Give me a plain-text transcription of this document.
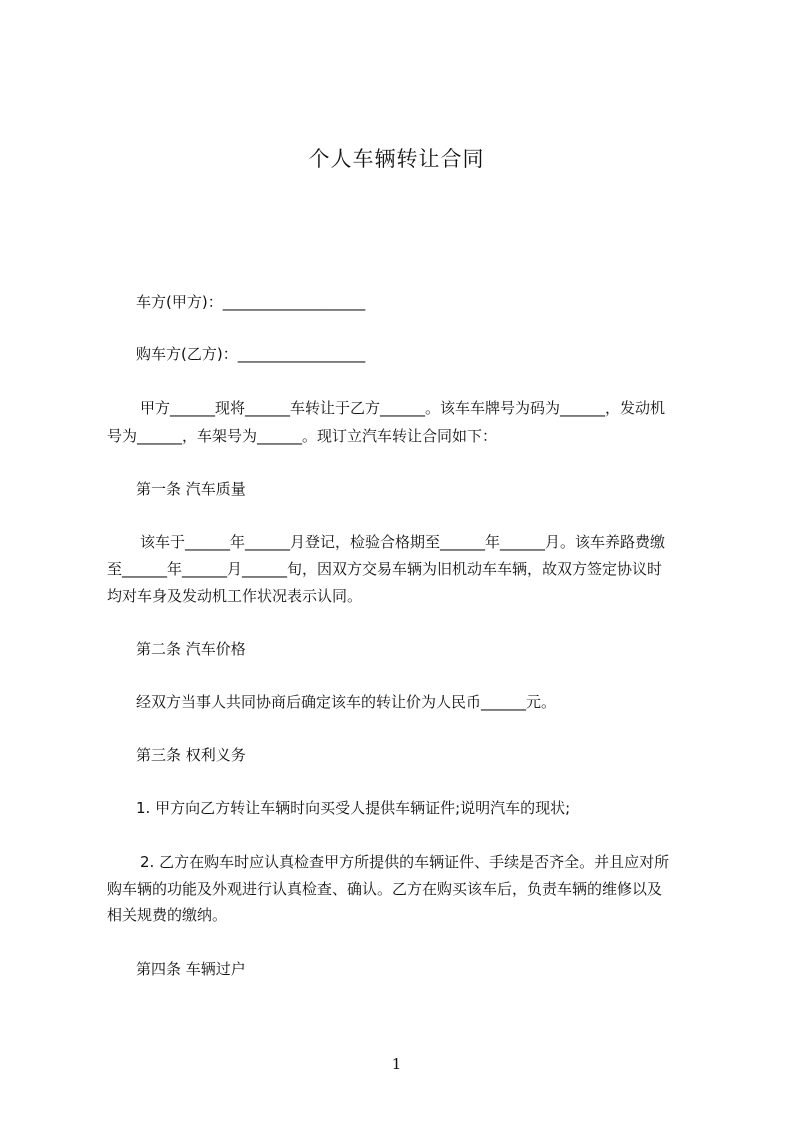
个人车辆转让合同
车方(甲方)：___________________
购车方(乙方)：_________________
甲方______现将______车转让于乙方______。该车车牌号为码为______，发动机
号为______，车架号为______。现订立汽车转让合同如下：
第一条 汽车质量
该车于______年______月登记，检验合格期至______年______月。该车养路费缴
至______年______月______旬，因双方交易车辆为旧机动车车辆，故双方签定协议时
均对车身及发动机工作状况表示认同。
第二条 汽车价格
经双方当事人共同协商后确定该车的转让价为人民币______元。
第三条 权利义务
1. 甲方向乙方转让车辆时向买受人提供车辆证件;说明汽车的现状;
2. 乙方在购车时应认真检查甲方所提供的车辆证件、手续是否齐全。并且应对所
购车辆的功能及外观进行认真检查、确认。乙方在购买该车后，负责车辆的维修以及
相关规费的缴纳。
第四条 车辆过户
1
